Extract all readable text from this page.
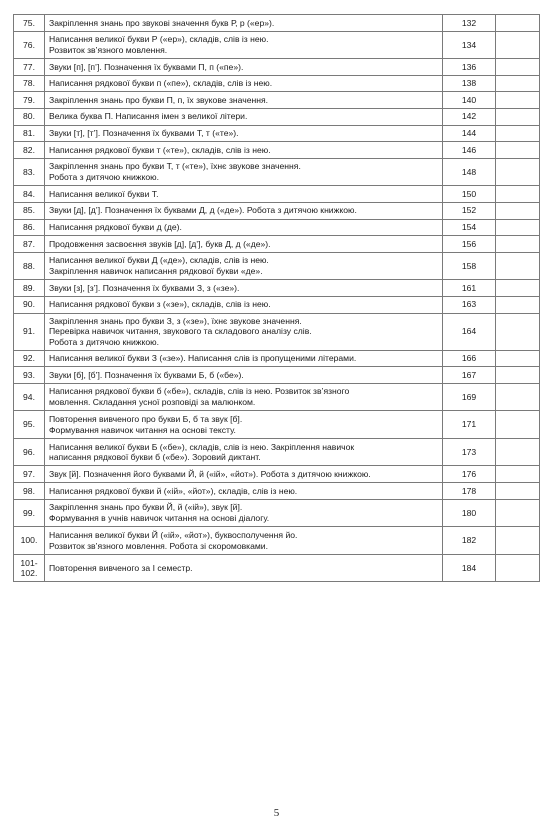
75.	Закріплення знань про звукові значення букв Р, р («ер»).	132	
76.	Написання великої букви Р («ер»), складів, слів із нею.
Розвиток зв’язного мовлення.	134	
77.	Звуки [п], [п’]. Позначення їх буквами П, п («пе»).	136	
78.	Написання рядкової букви п («пе»), складів, слів із нею.	138	
79.	Закріплення знань про букви П, п, їх звукове значення.	140	
80.	Велика буква П. Написання імен з великої літери.	142	
81.	Звуки [т], [т’]. Позначення їх буквами Т, т («те»).	144	
82.	Написання рядкової букви т («те»), складів, слів із нею.	146	
83.	Закріплення знань про букви Т, т («те»), їхнє звукове значення.
Робота з дитячою книжкою.	148	
84.	Написання великої букви Т.	150	
85.	Звуки [д], [д’]. Позначення їх буквами Д, д («де»). Робота з дитячою книжкою.	152	
86.	Написання рядкової букви д (де).	154	
87.	Продовження засвоєння звуків [д], [д’], букв Д, д («де»).	156	
88.	Написання великої букви Д («де»), складів, слів із нею.
Закріплення навичок написання рядкової букви «де».	158	
89.	Звуки [з], [з’]. Позначення їх буквами З, з («зе»).	161	
90.	Написання рядкової букви з («зе»), складів, слів із нею.	163	
91.	Закріплення знань про букви З, з («зе»), їхнє звукове значення.
Перевірка навичок читання, звукового та складового аналізу слів.
Робота з дитячою книжкою.	164	
92.	Написання великої букви З («зе»). Написання слів із пропущеними літерами.	166	
93.	Звуки [б], [б’]. Позначення їх буквами Б, б («бе»).	167	
94.	Написання рядкової букви б («бе»), складів, слів із нею. Розвиток зв’язного
мовлення. Складання усної розповіді за малюнком.	169	
95.	Повторення вивченого про букви Б, б та звук [б].
Формування навичок читання на основі тексту.	171	
96.	Написання великої букви Б («бе»), складів, слів із нею. Закріплення навичок
написання рядкової букви б («бе»). Зоровий диктант.	173	
97.	Звук [й]. Позначення його буквами Й, й («ій», «йот»). Робота з дитячою книжкою.	176	
98.	Написання рядкової букви й («ій», «йот»), складів, слів із нею.	178	
99.	Закріплення знань про букви Й, й («ій»), звук [й].
Формування в учнів навичок читання на основі діалогу.	180	
100.	Написання великої букви Й («ій», «йот»), буквосполучення йо.
Розвиток зв’язного мовлення. Робота зі скоромовками.	182	
101-102.	Повторення вивченого за І семестр.	184	
5
